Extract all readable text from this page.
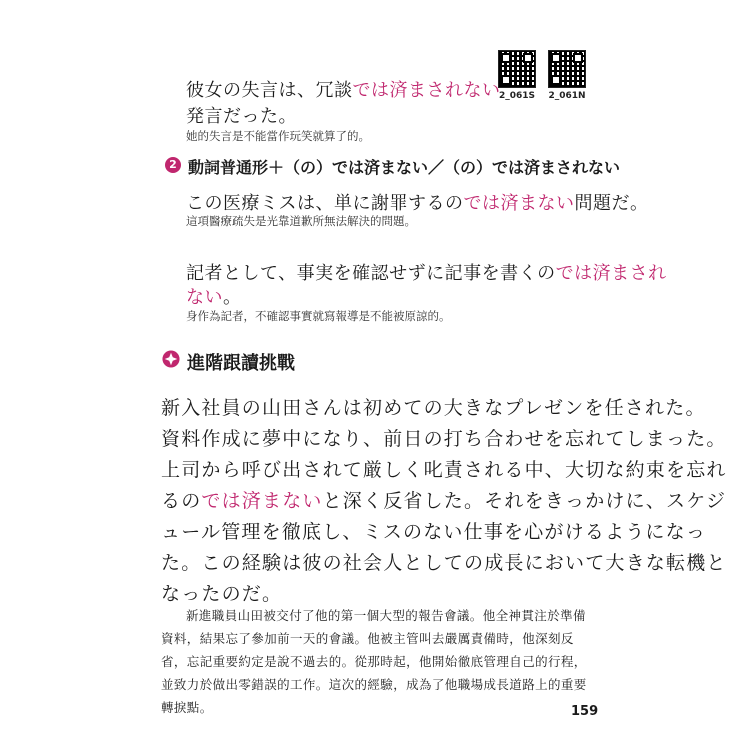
2_061S	2_061N
彼女の失言は、冗談では済まされない
発言だった。
她的失言是不能當作玩笑就算了的。
2 動詞普通形＋（の）では済まない／（の）では済まされない
この医療ミスは、単に謝罪するのでは済まない問題だ。
這項醫療疏失是光靠道歉所無法解決的問題。
記者として、事実を確認せずに記事を書くのでは済まされ
ない。
身作為記者，不確認事實就寫報導是不能被原諒的。
進階跟讀挑戰
新入社員の山田さんは初めての大きなプレゼンを任された。
資料作成に夢中になり、前日の打ち合わせを忘れてしまった。
上司から呼び出されて厳しく叱責される中、大切な約束を忘れ
るのでは済まないと深く反省した。それをきっかけに、スケジ
ュール管理を徹底し、ミスのない仕事を心がけるようになっ
た。この経験は彼の社会人としての成長において大きな転機と
なったのだ。
新進職員山田被交付了他的第一個大型的報告會議。他全神貫注於準備
資料，結果忘了參加前一天的會議。他被主管叫去嚴厲責備時，他深刻反
省，忘記重要約定是說不過去的。從那時起，他開始徹底管理自己的行程，
並致力於做出零錯誤的工作。這次的經驗，成為了他職場成長道路上的重要
轉捩點。	159
